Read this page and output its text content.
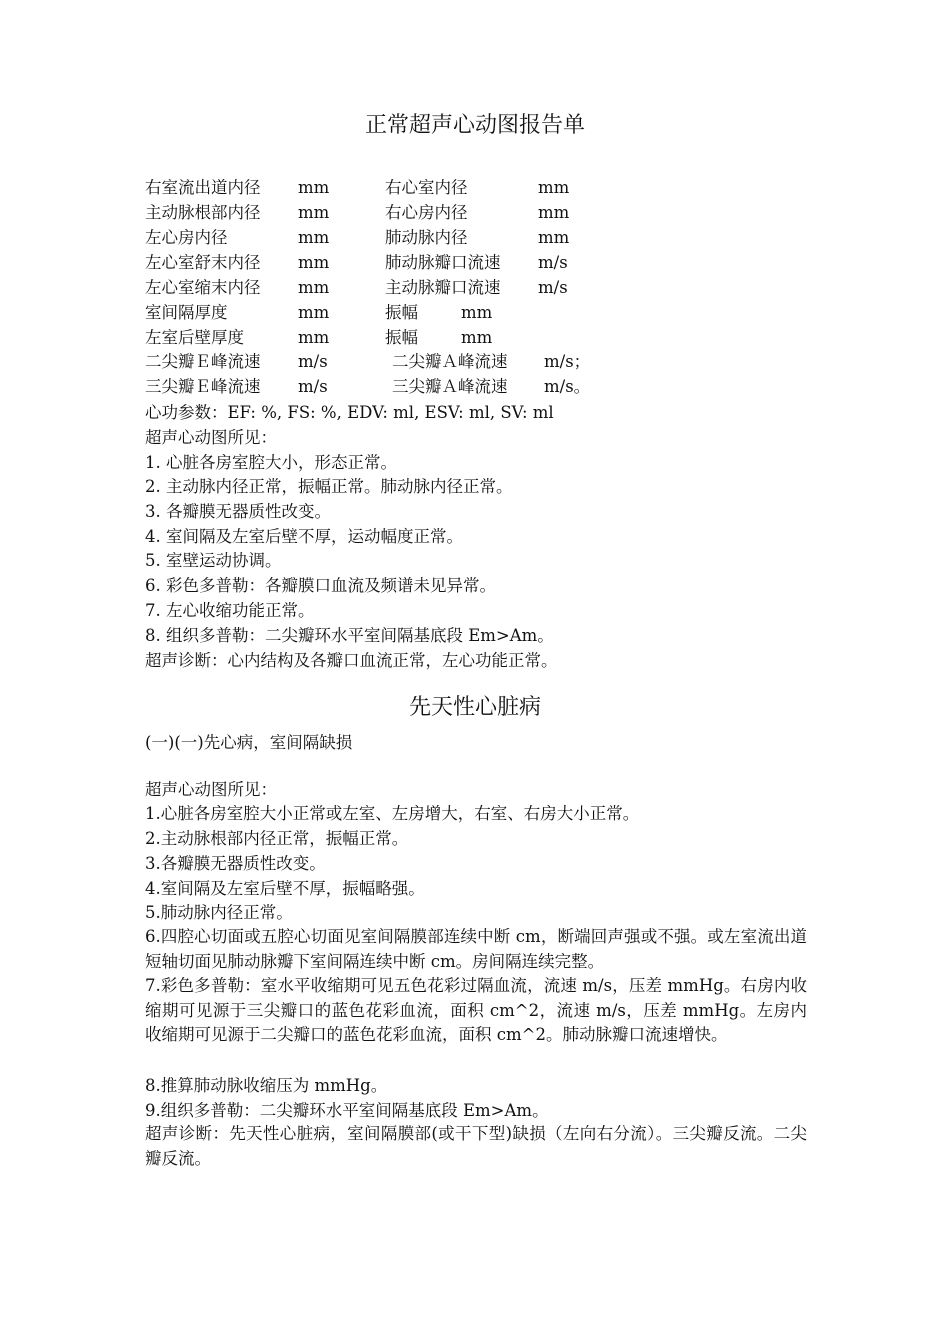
正常超声心动图报告单
右室流出道内径 mm	右心室内径	mm
主动脉根部内径 mm	右心房内径	mm
左心房内径	mm	肺动脉内径	mm
左心室舒末内径 mm	肺动脉瓣口流速 m/s
左心室缩末内径 mm	主动脉瓣口流速 m/s
室间隔厚度	mm	振幅	mm
左室后壁厚度	mm	振幅	mm
二尖瓣Ｅ峰流速 m/s	二尖瓣Ａ峰流速 m/s；
三尖瓣Ｅ峰流速 m/s	三尖瓣Ａ峰流速 m/s。
心功参数：EF: %, FS: %, EDV: ml, ESV: ml, SV: ml
超声心动图所见：
1. 心脏各房室腔大小，形态正常。
2. 主动脉内径正常，振幅正常。肺动脉内径正常。
3. 各瓣膜无器质性改变。
4. 室间隔及左室后壁不厚，运动幅度正常。
5. 室壁运动协调。
6. 彩色多普勒：各瓣膜口血流及频谱未见异常。
7. 左心收缩功能正常。
8. 组织多普勒：二尖瓣环水平室间隔基底段 Em>Am。
超声诊断：心内结构及各瓣口血流正常，左心功能正常。
先天性心脏病
(一)(一)先心病，室间隔缺损
超声心动图所见：
1.心脏各房室腔大小正常或左室、左房增大，右室、右房大小正常。
2.主动脉根部内径正常，振幅正常。
3.各瓣膜无器质性改变。
4.室间隔及左室后壁不厚，振幅略强。
5.肺动脉内径正常。
6.四腔心切面或五腔心切面见室间隔膜部连续中断 cm，断端回声强或不强。或左室流出道短轴切面见肺动脉瓣下室间隔连续中断 cm。房间隔连续完整。
7.彩色多普勒：室水平收缩期可见五色花彩过隔血流，流速 m/s，压差 mmHg。右房内收缩期可见源于三尖瓣口的蓝色花彩血流，面积 cm^2，流速 m/s，压差 mmHg。左房内收缩期可见源于二尖瓣口的蓝色花彩血流，面积 cm^2。肺动脉瓣口流速增快。
8.推算肺动脉收缩压为 mmHg。
9.组织多普勒：二尖瓣环水平室间隔基底段 Em>Am。
超声诊断：先天性心脏病，室间隔膜部(或干下型)缺损（左向右分流）。三尖瓣反流。二尖瓣反流。
